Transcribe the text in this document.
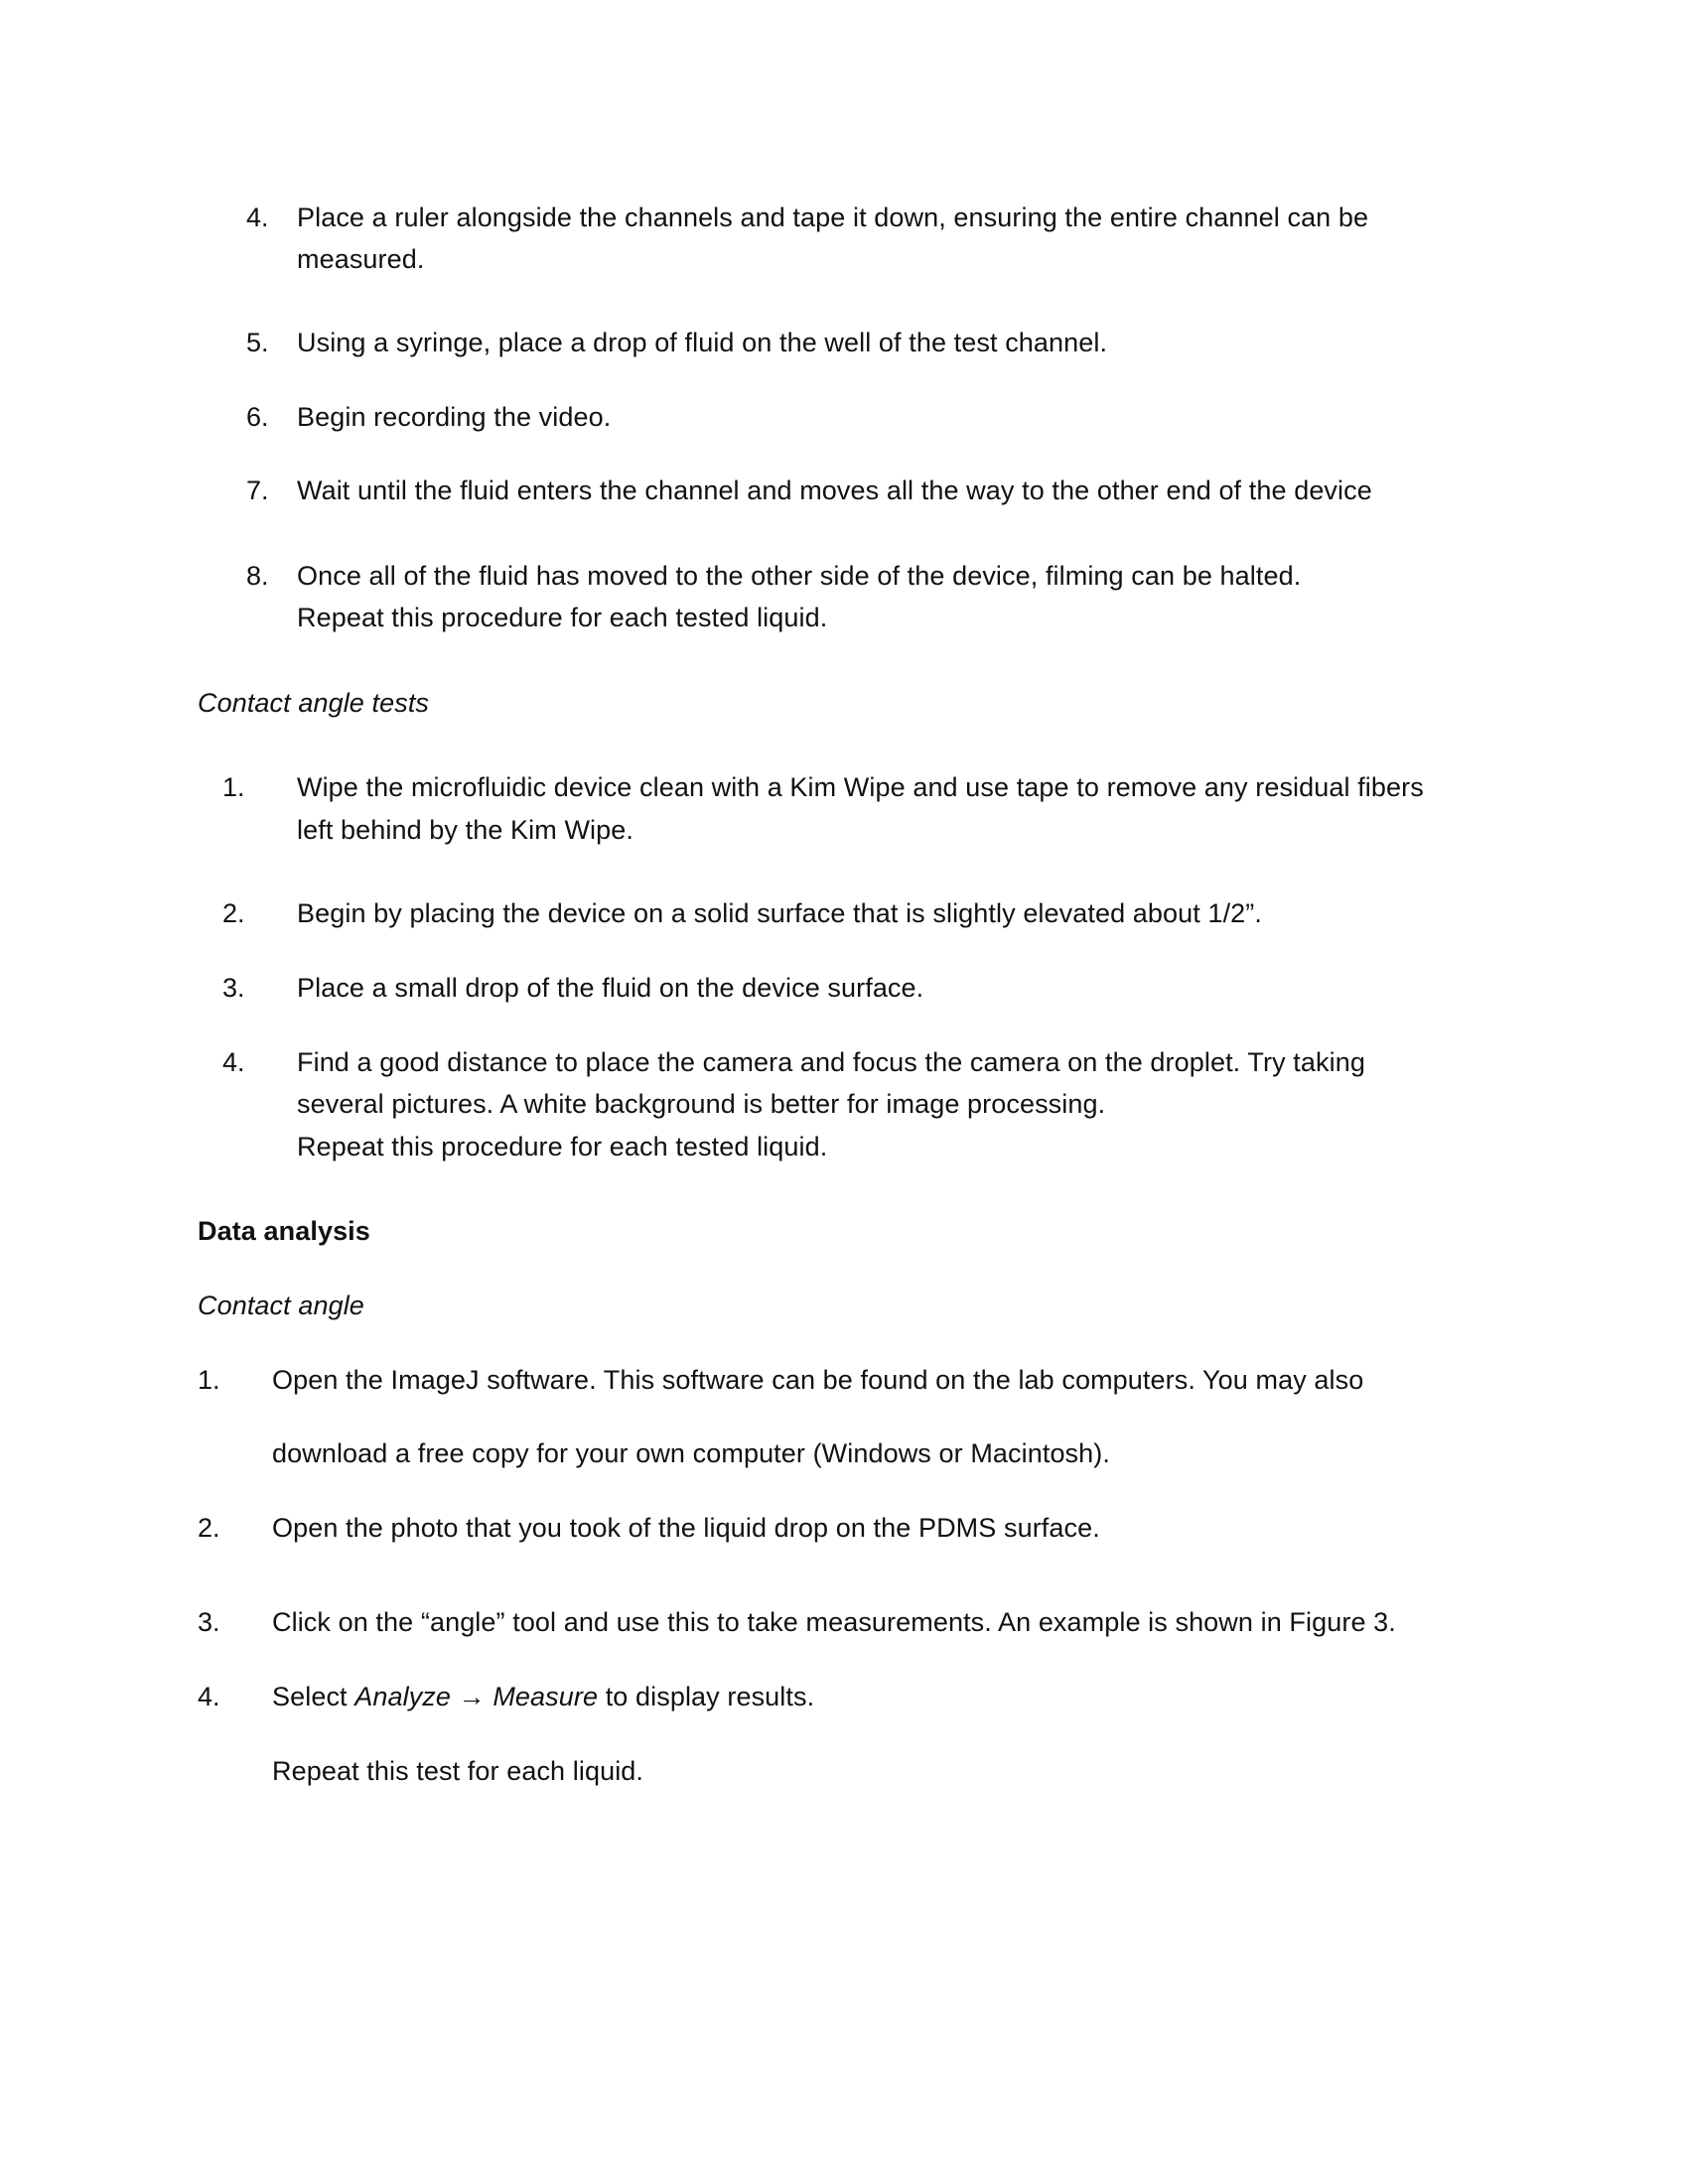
4. Place a ruler alongside the channels and tape it down, ensuring the entire channel can be
measured.
5. Using a syringe, place a drop of fluid on the well of the test channel.
6. Begin recording the video.
7. Wait until the fluid enters the channel and moves all the way to the other end of the device
8. Once all of the fluid has moved to the other side of the device, filming can be halted.
Repeat this procedure for each tested liquid.
Contact angle tests
1. Wipe the microfluidic device clean with a Kim Wipe and use tape to remove any residual fibers
left behind by the Kim Wipe.
2. Begin by placing the device on a solid surface that is slightly elevated about 1/2”.
3. Place a small drop of the fluid on the device surface.
4. Find a good distance to place the camera and focus the camera on the droplet. Try taking
several pictures. A white background is better for image processing.
Repeat this procedure for each tested liquid.
Data analysis
Contact angle
1. Open the ImageJ software. This software can be found on the lab computers. You may also
download a free copy for your own computer (Windows or Macintosh).
2. Open the photo that you took of the liquid drop on the PDMS surface.
3. Click on the “angle” tool and use this to take measurements. An example is shown in Figure 3.
4. Select Analyze → Measure to display results.
Repeat this test for each liquid.
